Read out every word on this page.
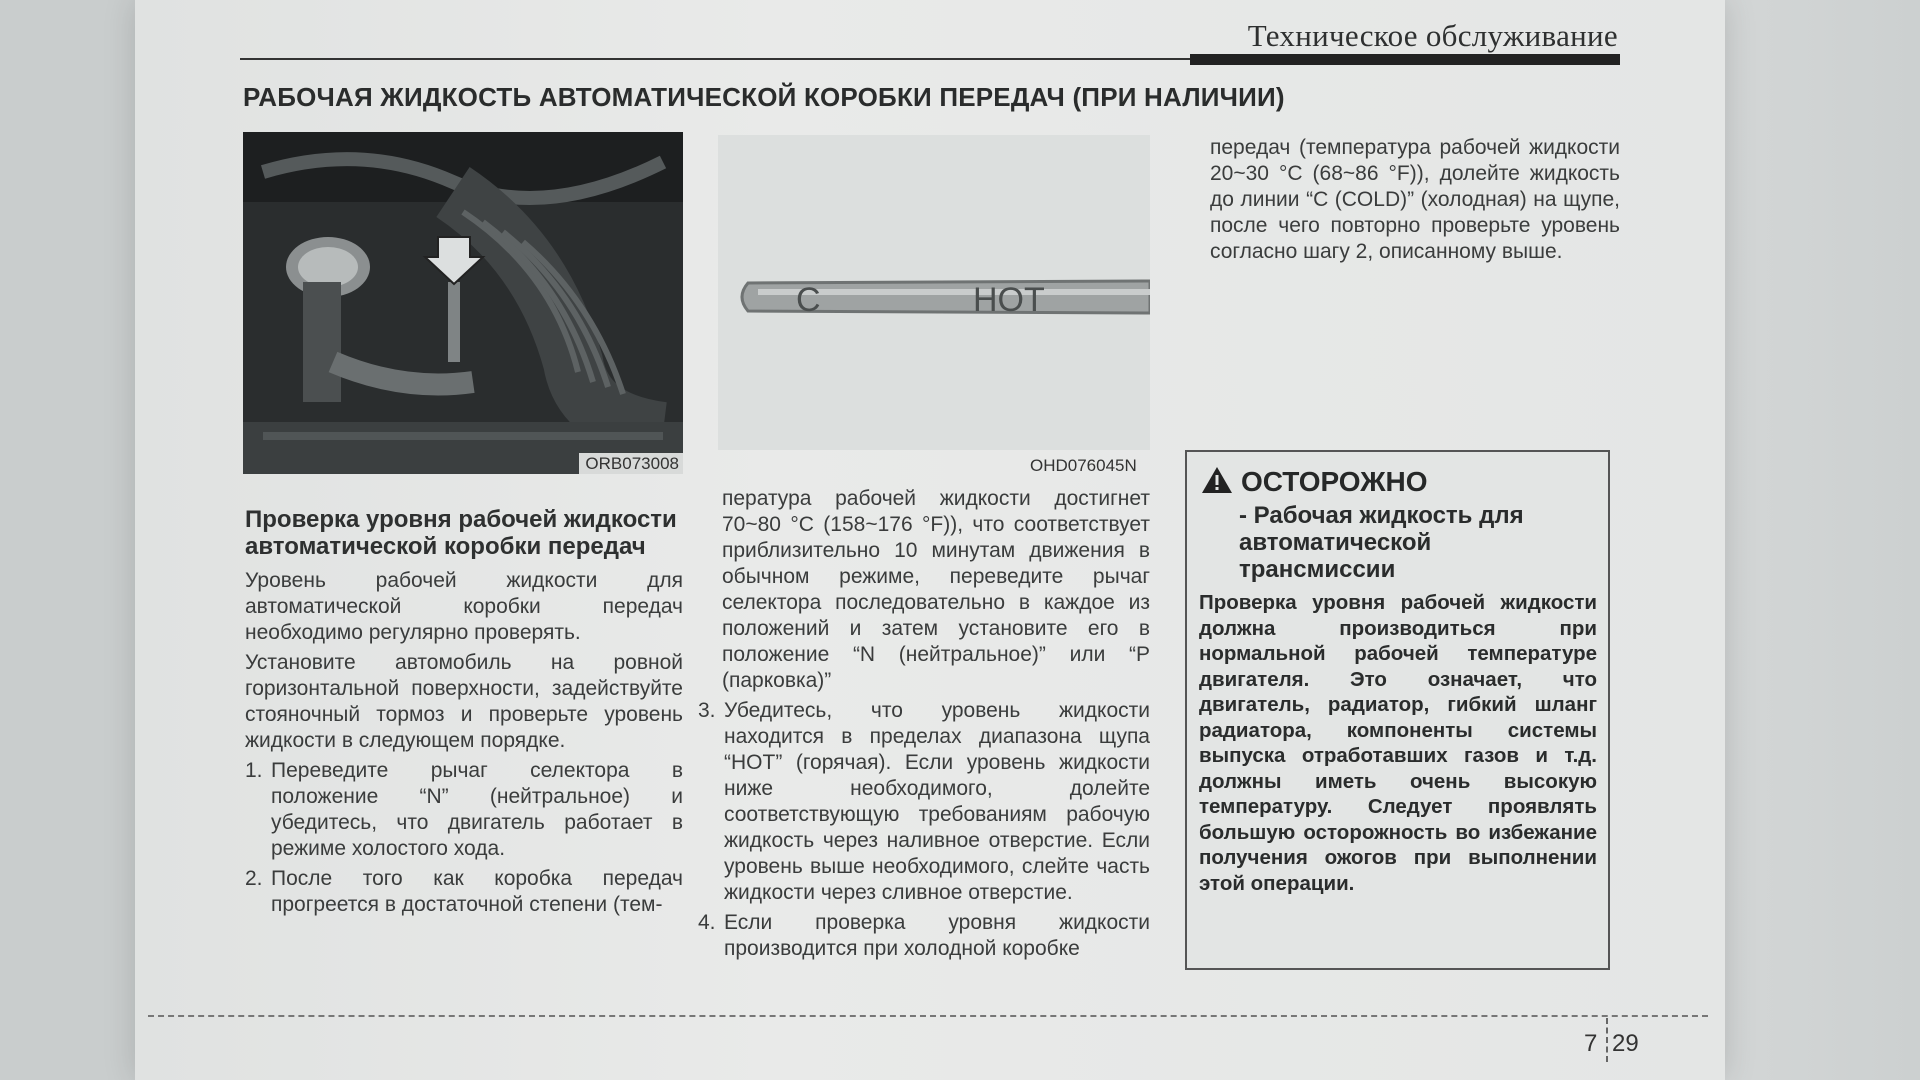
Техническое обслуживание
РАБОЧАЯ ЖИДКОСТЬ АВТОМАТИЧЕСКОЙ КОРОБКИ ПЕРЕДАЧ (ПРИ НАЛИЧИИ)
ORB073008
C	HOT
OHD076045N
Проверка уровня рабочей жидкости автоматической коробки передач

Уровень рабочей жидкости для автоматической коробки передач необходимо регулярно проверять.

Установите автомобиль на ровной горизонтальной поверхности, задействуйте стояночный тормоз и проверьте уровень жидкости в следующем порядке.

1. Переведите рычаг селектора в положение “N” (нейтральное) и убедитесь, что двигатель работает в режиме холостого хода.

2. После того как коробка передач прогреется в достаточной степени (тем-

пература рабочей жидкости достигнет 70~80 °C (158~176 °F)), что соответствует приблизительно 10 минутам движения в обычном режиме, переведите рычаг селектора последовательно в каждое из положений и затем установите его в положение “N (нейтральное)” или “P (парковка)”

3. Убедитесь, что уровень жидкости находится в пределах диапазона щупа “HOT” (горячая). Если уровень жидкости ниже необходимого, долейте соответствующую требованиям рабочую жидкость через наливное отверстие. Если уровень выше необходимого, слейте часть жидкости через сливное отверстие.

4. Если проверка уровня жидкости производится при холодной коробке

передач (температура рабочей жидкости 20~30 °C (68~86 °F)), долейте жидкость до линии “C (COLD)” (холодная) на щупе, после чего повторно проверьте уровень согласно шагу 2, описанному выше.

ОСТОРОЖНО
- Рабочая жидкость для автоматической трансмиссии
Проверка уровня рабочей жидкости должна производиться при нормальной рабочей температуре двигателя. Это означает, что двигатель, радиатор, гибкий шланг радиатора, компоненты системы выпуска отработавших газов и т.д. должны иметь очень высокую температуру. Следует проявлять большую осторожность во избежание получения ожогов при выполнении этой операции.
7 29
